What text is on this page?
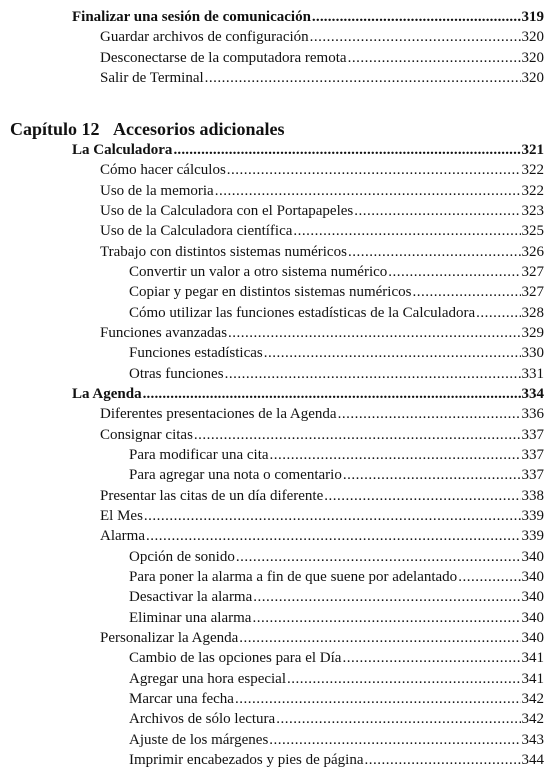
Capítulo 12 Accesorios adicionales
Finalizar una sesión de comunicación .....	319
Guardar archivos de configuración .....	320
Desconectarse de la computadora remota .....	320
Salir de Terminal .....	320
La Calculadora .....	321
Cómo hacer cálculos .....	322
Uso de la memoria .....	322
Uso de la Calculadora con el Portapapeles .....	323
Uso de la Calculadora científica .....	325
Trabajo con distintos sistemas numéricos .....	326
Convertir un valor a otro sistema numérico .....	327
Copiar y pegar en distintos sistemas numéricos .....	327
Cómo utilizar las funciones estadísticas de la Calculadora .....	328
Funciones avanzadas .....	329
Funciones estadísticas .....	330
Otras funciones .....	331
La Agenda .....	334
Diferentes presentaciones de la Agenda .....	336
Consignar citas .....	337
Para modificar una cita .....	337
Para agregar una nota o comentario .....	337
Presentar las citas de un día diferente .....	338
El Mes .....	339
Alarma .....	339
Opción de sonido .....	340
Para poner la alarma a fin de que suene por adelantado .....	340
Desactivar la alarma .....	340
Eliminar una alarma .....	340
Personalizar la Agenda .....	340
Cambio de las opciones para el Día .....	341
Agregar una hora especial .....	341
Marcar una fecha .....	342
Archivos de sólo lectura .....	342
Ajuste de los márgenes .....	343
Imprimir encabezados y pies de página .....	344
